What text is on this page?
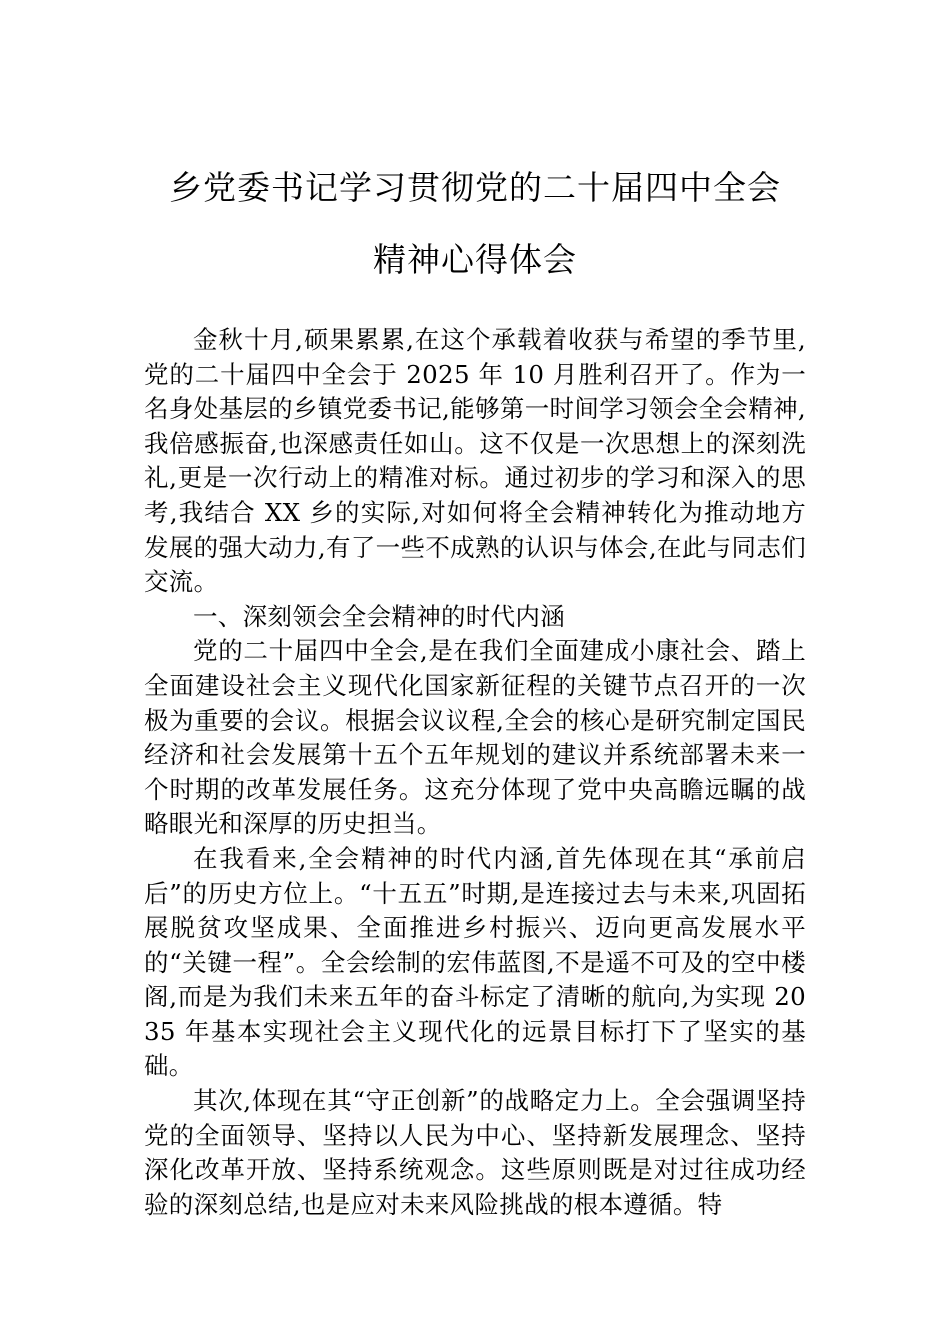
乡党委书记学习贯彻党的二十届四中全会
精神心得体会

金秋十月,硕果累累,在这个承载着收获与希望的季节里,党的二十届四中全会于 2025 年 10 月胜利召开了。作为一名身处基层的乡镇党委书记,能够第一时间学习领会全会精神,我倍感振奋,也深感责任如山。这不仅是一次思想上的深刻洗礼,更是一次行动上的精准对标。通过初步的学习和深入的思考,我结合 XX 乡的实际,对如何将全会精神转化为推动地方发展的强大动力,有了一些不成熟的认识与体会,在此与同志们交流。

一、深刻领会全会精神的时代内涵

党的二十届四中全会,是在我们全面建成小康社会、踏上全面建设社会主义现代化国家新征程的关键节点召开的一次极为重要的会议。根据会议议程,全会的核心是研究制定国民经济和社会发展第十五个五年规划的建议并系统部署未来一个时期的改革发展任务。这充分体现了党中央高瞻远瞩的战略眼光和深厚的历史担当。

在我看来,全会精神的时代内涵,首先体现在其“承前启后”的历史方位上。“十五五”时期,是连接过去与未来,巩固拓展脱贫攻坚成果、全面推进乡村振兴、迈向更高发展水平的“关键一程”。全会绘制的宏伟蓝图,不是遥不可及的空中楼阁,而是为我们未来五年的奋斗标定了清晰的航向,为实现 2035 年基本实现社会主义现代化的远景目标打下了坚实的基础。

其次,体现在其“守正创新”的战略定力上。全会强调坚持党的全面领导、坚持以人民为中心、坚持新发展理念、坚持深化改革开放、坚持系统观念。这些原则既是对过往成功经验的深刻总结,也是应对未来风险挑战的根本遵循。特
